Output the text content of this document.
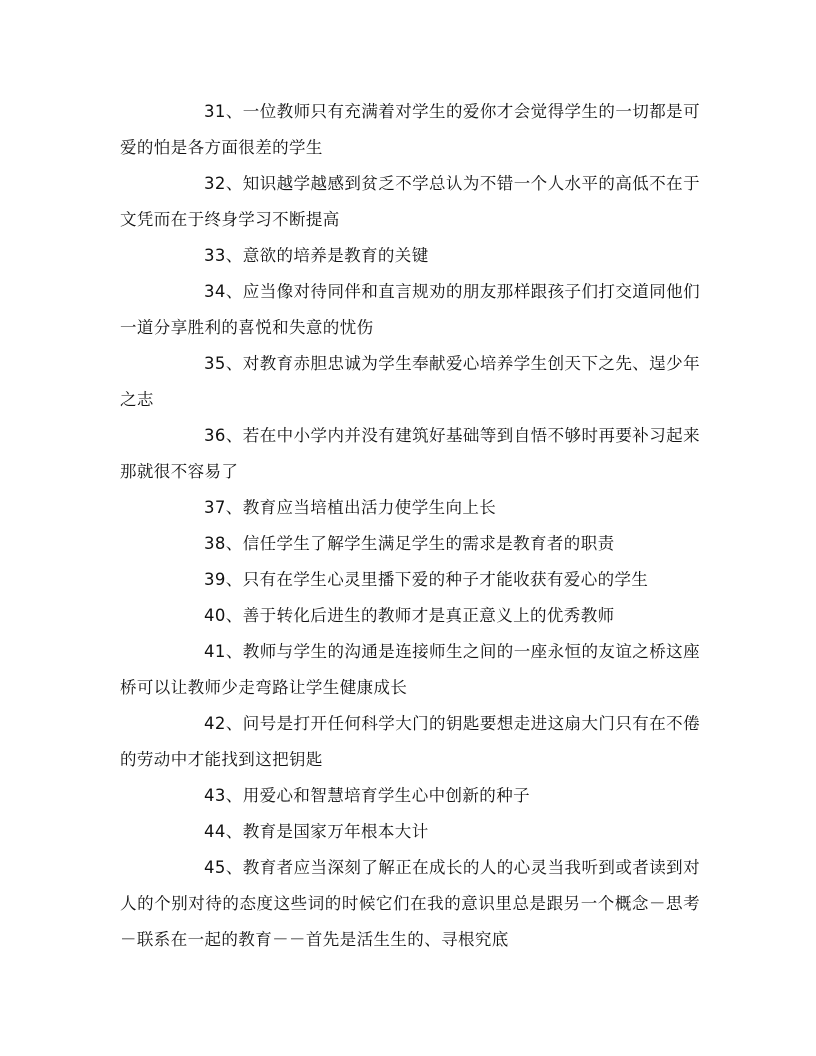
31、一位教师只有充满着对学生的爱你才会觉得学生的一切都是可爱的怕是各方面很差的学生

32、知识越学越感到贫乏不学总认为不错一个人水平的高低不在于文凭而在于终身学习不断提高

33、意欲的培养是教育的关键

34、应当像对待同伴和直言规劝的朋友那样跟孩子们打交道同他们一道分享胜利的喜悦和失意的忧伤

35、对教育赤胆忠诚为学生奉献爱心培养学生创天下之先、逞少年之志

36、若在中小学内并没有建筑好基础等到自悟不够时再要补习起来那就很不容易了

37、教育应当培植出活力使学生向上长

38、信任学生了解学生满足学生的需求是教育者的职责

39、只有在学生心灵里播下爱的种子才能收获有爱心的学生

40、善于转化后进生的教师才是真正意义上的优秀教师

41、教师与学生的沟通是连接师生之间的一座永恒的友谊之桥这座桥可以让教师少走弯路让学生健康成长

42、问号是打开任何科学大门的钥匙要想走进这扇大门只有在不倦的劳动中才能找到这把钥匙

43、用爱心和智慧培育学生心中创新的种子

44、教育是国家万年根本大计

45、教育者应当深刻了解正在成长的人的心灵当我听到或者读到对人的个别对待的态度这些词的时候它们在我的意识里总是跟另一个概念－思考－联系在一起的教育－－首先是活生生的、寻根究底
